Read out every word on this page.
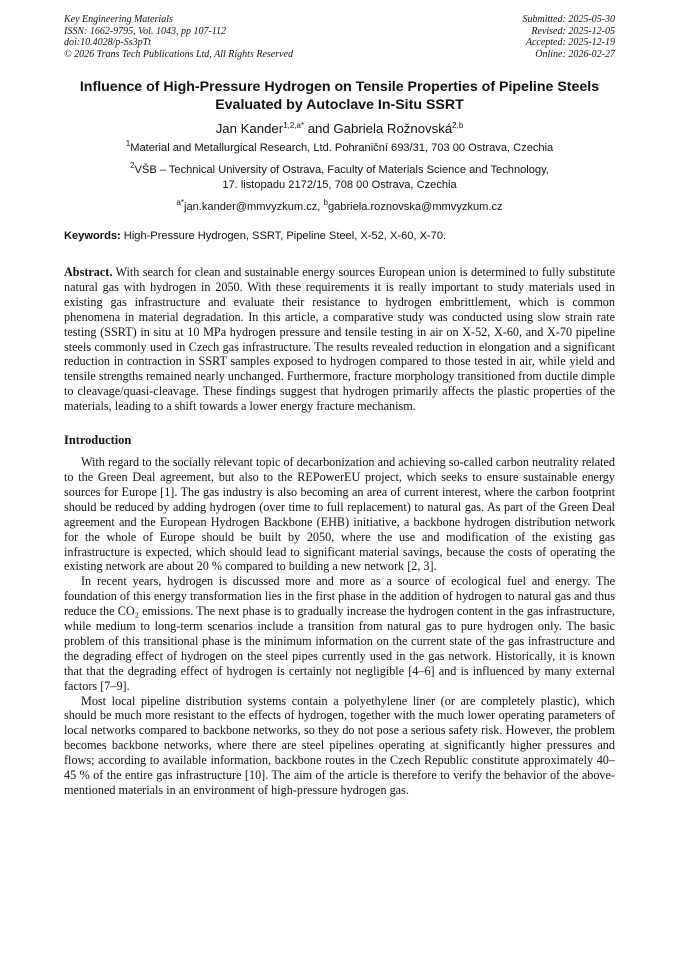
Key Engineering Materials
ISSN: 1662-9795, Vol. 1043, pp 107-112
doi:10.4028/p-Ss3pTt
© 2026 Trans Tech Publications Ltd, All Rights Reserved
Submitted: 2025-05-30
Revised: 2025-12-05
Accepted: 2025-12-19
Online: 2026-02-27
Influence of High-Pressure Hydrogen on Tensile Properties of Pipeline Steels Evaluated by Autoclave In-Situ SSRT
Jan Kander$^{1,2,a*}$ and Gabriela Rožnovská$^{2,b}$
$^1$Material and Metallurgical Research, Ltd. Pohraniční 693/31, 703 00 Ostrava, Czechia
$^2$VŠB – Technical University of Ostrava, Faculty of Materials Science and Technology,
17. listopadu 2172/15, 708 00 Ostrava, Czechia
$^{a*}$jan.kander@mmvyzkum.cz, $^b$gabriela.roznovska@mmvyzkum.cz
Keywords: High-Pressure Hydrogen, SSRT, Pipeline Steel, X-52, X-60, X-70.
Abstract. With search for clean and sustainable energy sources European union is determined to fully substitute natural gas with hydrogen in 2050. With these requirements it is really important to study materials used in existing gas infrastructure and evaluate their resistance to hydrogen embrittlement, which is common phenomena in material degradation. In this article, a comparative study was conducted using slow strain rate testing (SSRT) in situ at 10 MPa hydrogen pressure and tensile testing in air on X-52, X-60, and X-70 pipeline steels commonly used in Czech gas infrastructure. The results revealed reduction in elongation and a significant reduction in contraction in SSRT samples exposed to hydrogen compared to those tested in air, while yield and tensile strengths remained nearly unchanged. Furthermore, fracture morphology transitioned from ductile dimple to cleavage/quasi-cleavage. These findings suggest that hydrogen primarily affects the plastic properties of the materials, leading to a shift towards a lower energy fracture mechanism.
Introduction

With regard to the socially relevant topic of decarbonization and achieving so-called carbon neutrality related to the Green Deal agreement, but also to the REPowerEU project, which seeks to ensure sustainable energy sources for Europe [1]. The gas industry is also becoming an area of current interest, where the carbon footprint should be reduced by adding hydrogen (over time to full replacement) to natural gas. As part of the Green Deal agreement and the European Hydrogen Backbone (EHB) initiative, a backbone hydrogen distribution network for the whole of Europe should be built by 2050, where the use and modification of the existing gas infrastructure is expected, which should lead to significant material savings, because the costs of operating the existing network are about 20 % compared to building a new network [2, 3].

In recent years, hydrogen is discussed more and more as a source of ecological fuel and energy. The foundation of this energy transformation lies in the first phase in the addition of hydrogen to natural gas and thus reduce the CO₂ emissions. The next phase is to gradually increase the hydrogen content in the gas infrastructure, while medium to long-term scenarios include a transition from natural gas to pure hydrogen only. The basic problem of this transitional phase is the minimum information on the current state of the gas infrastructure and the degrading effect of hydrogen on the steel pipes currently used in the gas network. Historically, it is known that that the degrading effect of hydrogen is certainly not negligible [4–6] and is influenced by many external factors [7–9].

Most local pipeline distribution systems contain a polyethylene liner (or are completely plastic), which should be much more resistant to the effects of hydrogen, together with the much lower operating parameters of local networks compared to backbone networks, so they do not pose a serious safety risk. However, the problem becomes backbone networks, where there are steel pipelines operating at significantly higher pressures and flows; according to available information, backbone routes in the Czech Republic constitute approximately 40–45 % of the entire gas infrastructure [10]. The aim of the article is therefore to verify the behavior of the above-mentioned materials in an environment of high-pressure hydrogen gas.
